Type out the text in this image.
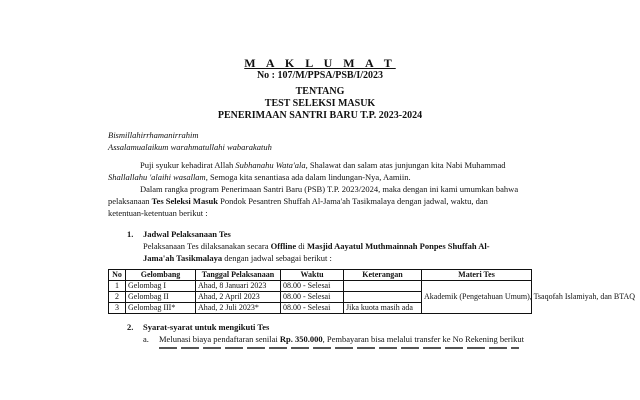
M A K L U M A T
No : 107/M/PPSA/PSB/I/2023
TENTANG
TEST SELEKSI MASUK
PENERIMAAN SANTRI BARU T.P. 2023-2024
Bismillahirrhamanirrahim
Assalamualaikum warahmatullahi wabarakatuh
Puji syukur kehadirat Allah Subhanahu Wata'ala, Shalawat dan salam atas junjungan kita Nabi Muhammad
Shallallahu 'alaihi wasallam, Semoga kita senantiasa ada dalam lindungan-Nya, Aamiin.
Dalam rangka program Penerimaan Santri Baru (PSB) T.P. 2023/2024, maka dengan ini kami umumkan bahwa
pelaksanaan Tes Seleksi Masuk Pondok Pesantren Shuffah Al-Jama'ah Tasikmalaya dengan jadwal, waktu, dan
ketentuan-ketentuan berikut :
1. Jadwal Pelaksanaan Tes
Pelaksanaan Tes dilaksanakan secara Offline di Masjid Aayatul Muthmainnah Ponpes Shuffah Al-
Jama'ah Tasikmalaya dengan jadwal sebagai berikut :
No	Gelombang	Tanggal Pelaksanaan	Waktu	Keterangan	Materi Tes
1	Gelombag I	Ahad, 8 Januari 2023	08.00 - Selesai		Akademik (Pengetahuan Umum), Tsaqofah Islamiyah, dan BTAQ
2	Gelombag II	Ahad, 2 April 2023	08.00 - Selesai		
3	Gelombag III*	Ahad, 2 Juli 2023*	08.00 - Selesai	Jika kuota masih ada	
2. Syarat-syarat untuk mengikuti Tes
a. Melunasi biaya pendaftaran senilai Rp. 350.000, Pembayaran bisa melalui transfer ke No Rekening berikut
